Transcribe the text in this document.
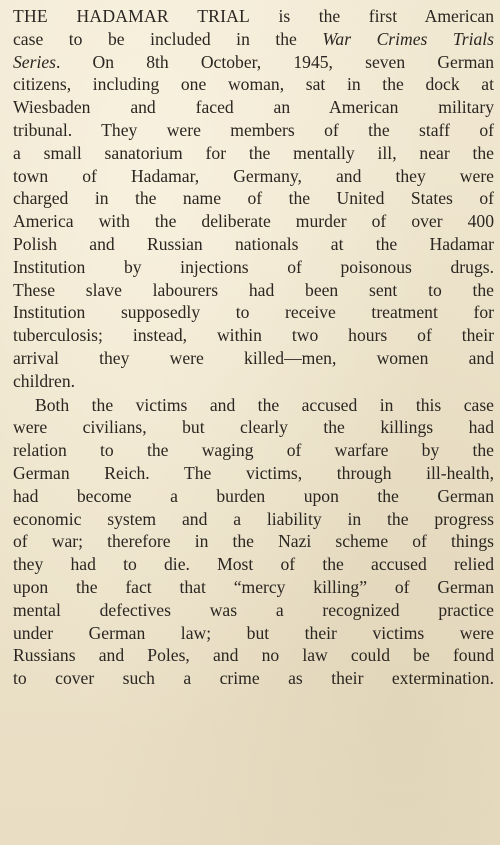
THE HADAMAR TRIAL is the first American
case to be included in the War Crimes Trials
Series. On 8th October, 1945, seven German
citizens, including one woman, sat in the dock at
Wiesbaden and faced an American military
tribunal. They were members of the staff of
a small sanatorium for the mentally ill, near the
town of Hadamar, Germany, and they were
charged in the name of the United States of
America with the deliberate murder of over 400
Polish and Russian nationals at the Hadamar
Institution by injections of poisonous drugs.
These slave labourers had been sent to the
Institution supposedly to receive treatment for
tuberculosis; instead, within two hours of their
arrival they were killed—men, women and
children.
Both the victims and the accused in this case
were civilians, but clearly the killings had
relation to the waging of warfare by the
German Reich. The victims, through ill-health,
had become a burden upon the German
economic system and a liability in the progress
of war; therefore in the Nazi scheme of things
they had to die. Most of the accused relied
upon the fact that “mercy killing” of German
mental defectives was a recognized practice
under German law; but their victims were
Russians and Poles, and no law could be found
to cover such a crime as their extermination.
